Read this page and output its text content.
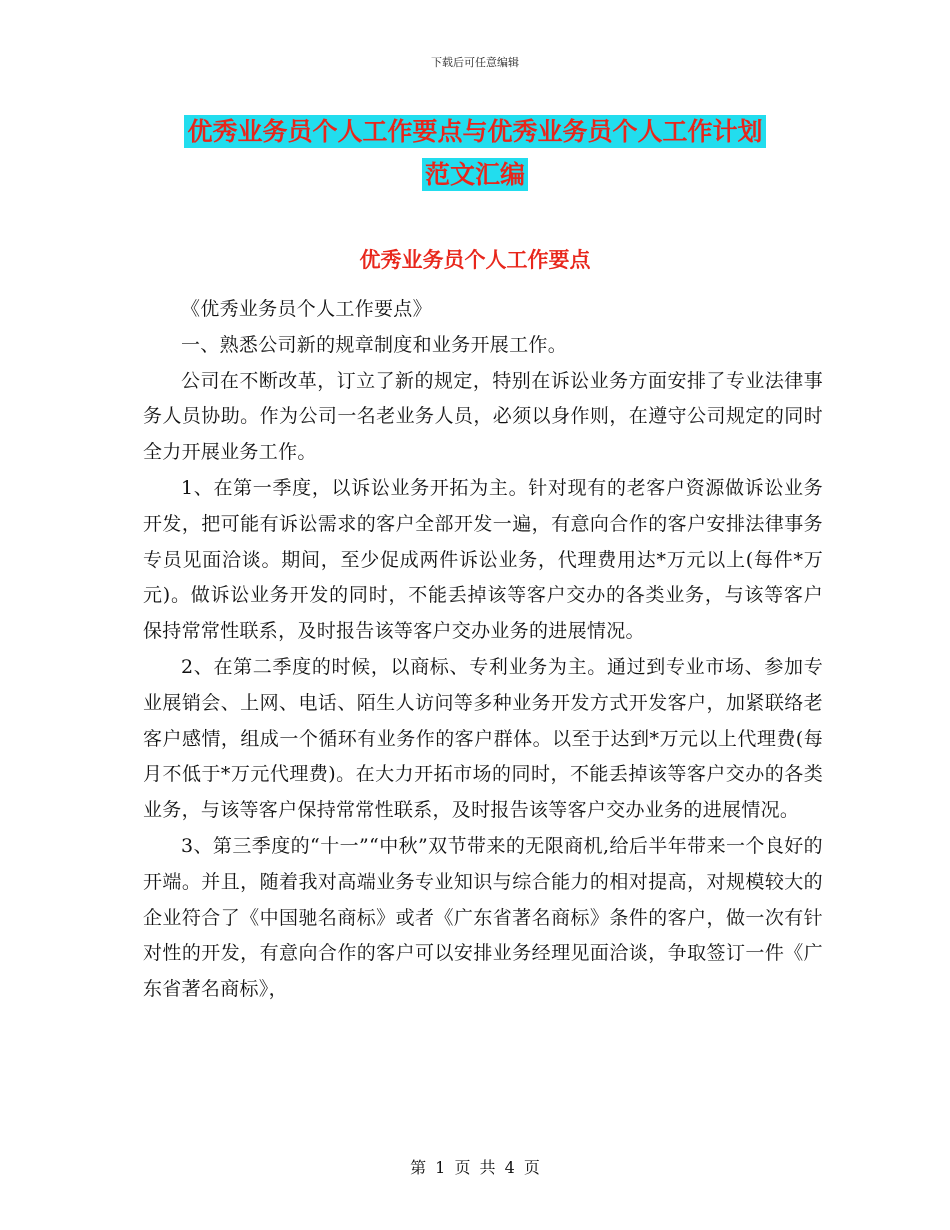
下载后可任意编辑
优秀业务员个人工作要点与优秀业务员个人工作计划
范文汇编
优秀业务员个人工作要点

《优秀业务员个人工作要点》

一、熟悉公司新的规章制度和业务开展工作。

公司在不断改革，订立了新的规定，特别在诉讼业务方面安排了专业法律事务人员协助。作为公司一名老业务人员，必须以身作则，在遵守公司规定的同时全力开展业务工作。

1、在第一季度，以诉讼业务开拓为主。针对现有的老客户资源做诉讼业务开发，把可能有诉讼需求的客户全部开发一遍，有意向合作的客户安排法律事务专员见面洽谈。期间，至少促成两件诉讼业务，代理费用达*万元以上(每件*万元)。做诉讼业务开发的同时，不能丢掉该等客户交办的各类业务，与该等客户保持常常性联系，及时报告该等客户交办业务的进展情况。

2、在第二季度的时候，以商标、专利业务为主。通过到专业市场、参加专业展销会、上网、电话、陌生人访问等多种业务开发方式开发客户，加紧联络老客户感情，组成一个循环有业务作的客户群体。以至于达到*万元以上代理费(每月不低于*万元代理费)。在大力开拓市场的同时，不能丢掉该等客户交办的各类业务，与该等客户保持常常性联系，及时报告该等客户交办业务的进展情况。

3、第三季度的“十一”“中秋”双节带来的无限商机,给后半年带来一个良好的开端。并且，随着我对高端业务专业知识与综合能力的相对提高，对规模较大的企业符合了《中国驰名商标》或者《广东省著名商标》条件的客户，做一次有针对性的开发，有意向合作的客户可以安排业务经理见面洽谈，争取签订一件《广东省著名商标》，

第 1 页 共 4 页
